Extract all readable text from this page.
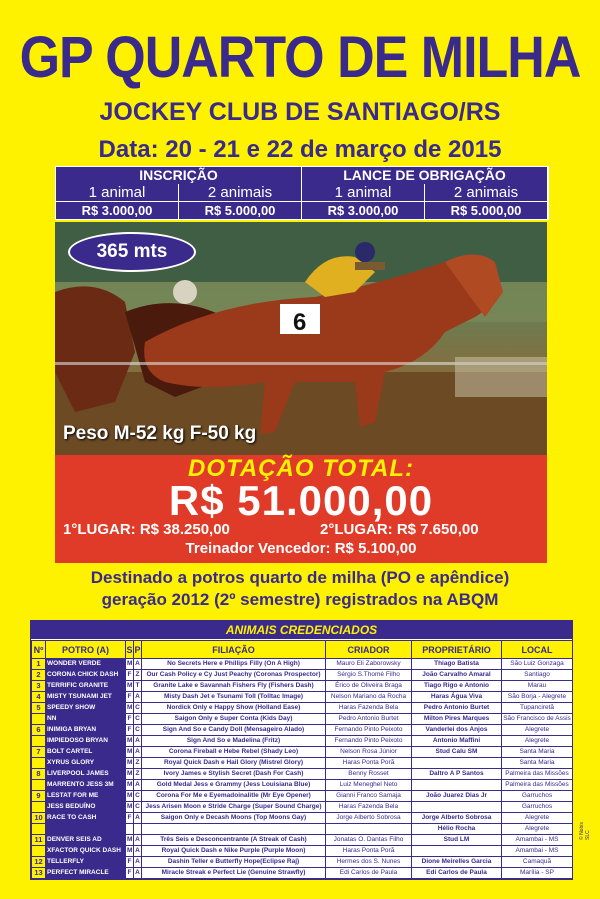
GP QUARTO DE MILHA
JOCKEY CLUB DE SANTIAGO/RS
Data: 20 - 21 e 22 de março de 2015
INSCRIÇÃO	LANCE DE OBRIGAÇÃO
1 animal	2 animais	1 animal	2 animais
R$ 3.000,00	R$ 5.000,00	R$ 3.000,00	R$ 5.000,00
6
365 mts
Peso M-52 kg F-50 kg
DOTAÇÃO TOTAL:
R$ 51.000,00
1°LUGAR: R$ 38.250,00	2°LUGAR: R$ 7.650,00
Treinador Vencedor: R$ 5.100,00
Destinado a potros quarto de milha (PO e apêndice)
geração 2012 (2º semestre) registrados na ABQM
ANIMAIS CREDENCIADOS
Nº	POTRO (A)	S	P	FILIAÇÃO	CRIADOR	PROPRIETÁRIO	LOCAL
1	WONDER VERDE	M	A	No Secrets Here e Phillips Filly (On A High)	Mauro Eli Zaborowsky	Thiago Batista	São Luiz Gonzaga
2	CORONA CHICK DASH	F	Z	Our Cash Policy e Cy Just Peachy (Coronas Prospector)	Sérgio S.Thomé Filho	João Carvalho Amaral	Santiago
3	TERRIFIC GRANITE	M	T	Granite Lake e Savannah Fishers Fly (Fishers Dash)	Érico de Oliveira Braga	Tiago Rigo e Antonio	Marau
4	MISTY TSUNAMI JET	F	A	Misty Dash Jet e Tsunami Toll (Tolltac Image)	Nelson Mariano da Rocha	Haras Água Viva	São Borja - Alegrete
5	SPEEDY SHOW	M	C	Nordick Only e Happy Show (Holland Ease)	Haras Fazenda Bela	Pedro Antonio Burtet	Tupanciretã
	NN	F	C	Saigon Only e Super Conta (Kids Day)	Pedro Antonio Burtet	Milton Pires Marques	São Francisco de Assis
6	INIMIGA BRYAN	F	C	Sign And So e Candy Doll (Mensageiro Alado)	Fernando Pinto Peixoto	Vanderlei dos Anjos	Alegrete
	IMPIEDOSO BRYAN	M	A	Sign And So e Madelina (Fritz)	Fernando Pinto Peixoto	Antonio Maffini	Alegrete
7	BOLT CARTEL	M	A	Corona Fireball e Hebe Rebel (Shady Leo)	Nelson Rosa Júnior	Stud Calu SM	Santa Maria
	XYRUS GLORY	M	Z	Royal Quick Dash e Hail Glory (Mistrel Glory)	Haras Ponta Porã		Santa Maria
8	LIVERPOOL JAMES	M	Z	Ivory James e Stylish Secret (Dash For Cash)	Benny Rosset	Daltro A P Santos	Palmeira das Missões
	MARRENTO JESS 3M	M	A	Gold Medal Jess e Grammy (Jess Louisiana Blue)	Luiz Meneghel Neto		Palmeira das Missões
9	LESTAT FOR ME	M	C	Corona For Me e Eyemadoinalitle (Mr Eye Opener)	Gianni Franco Samaja	João Juarez Dias Jr	Garruchos
	JESS BEDUÍNO	M	C	Jess Arisen Moon e Stride Charge (Super Sound Charge)	Haras Fazenda Bela		Garruchos
10	RACE TO CASH	F	A	Saigon Only e Decash Moons (Top Moons Gay)	Jorge Alberto Sobrosa	Jorge Alberto Sobrosa	Alegrete
						Hélio Rocha	Alegrete
11	DENVER SEIS AD	M	A	Três Seis e Desconcentrante (A Streak of Cash)	Jonatas O. Dantas Filho	Stud LM	Amambai - MS
	XFACTOR QUICK DASH	M	A	Royal Quick Dash e Nike Purple (Purple Moon)	Haras Ponta Porã		Amambai - MS
12	TELLERFLY	F	A	Dashin Teller e Butterfly Hope(Eclipse Raj)	Hermes dos S. Nunes	Dione Meirelles Garcia	Camaquã
13	PERFECT MIRACLE	F	A	Miracle Streak e Perfect Lie (Genuine Strawfly)	Edi Carlos de Paula	Edi Carlos de Paula	Marília - SP
© Nobis SLC
